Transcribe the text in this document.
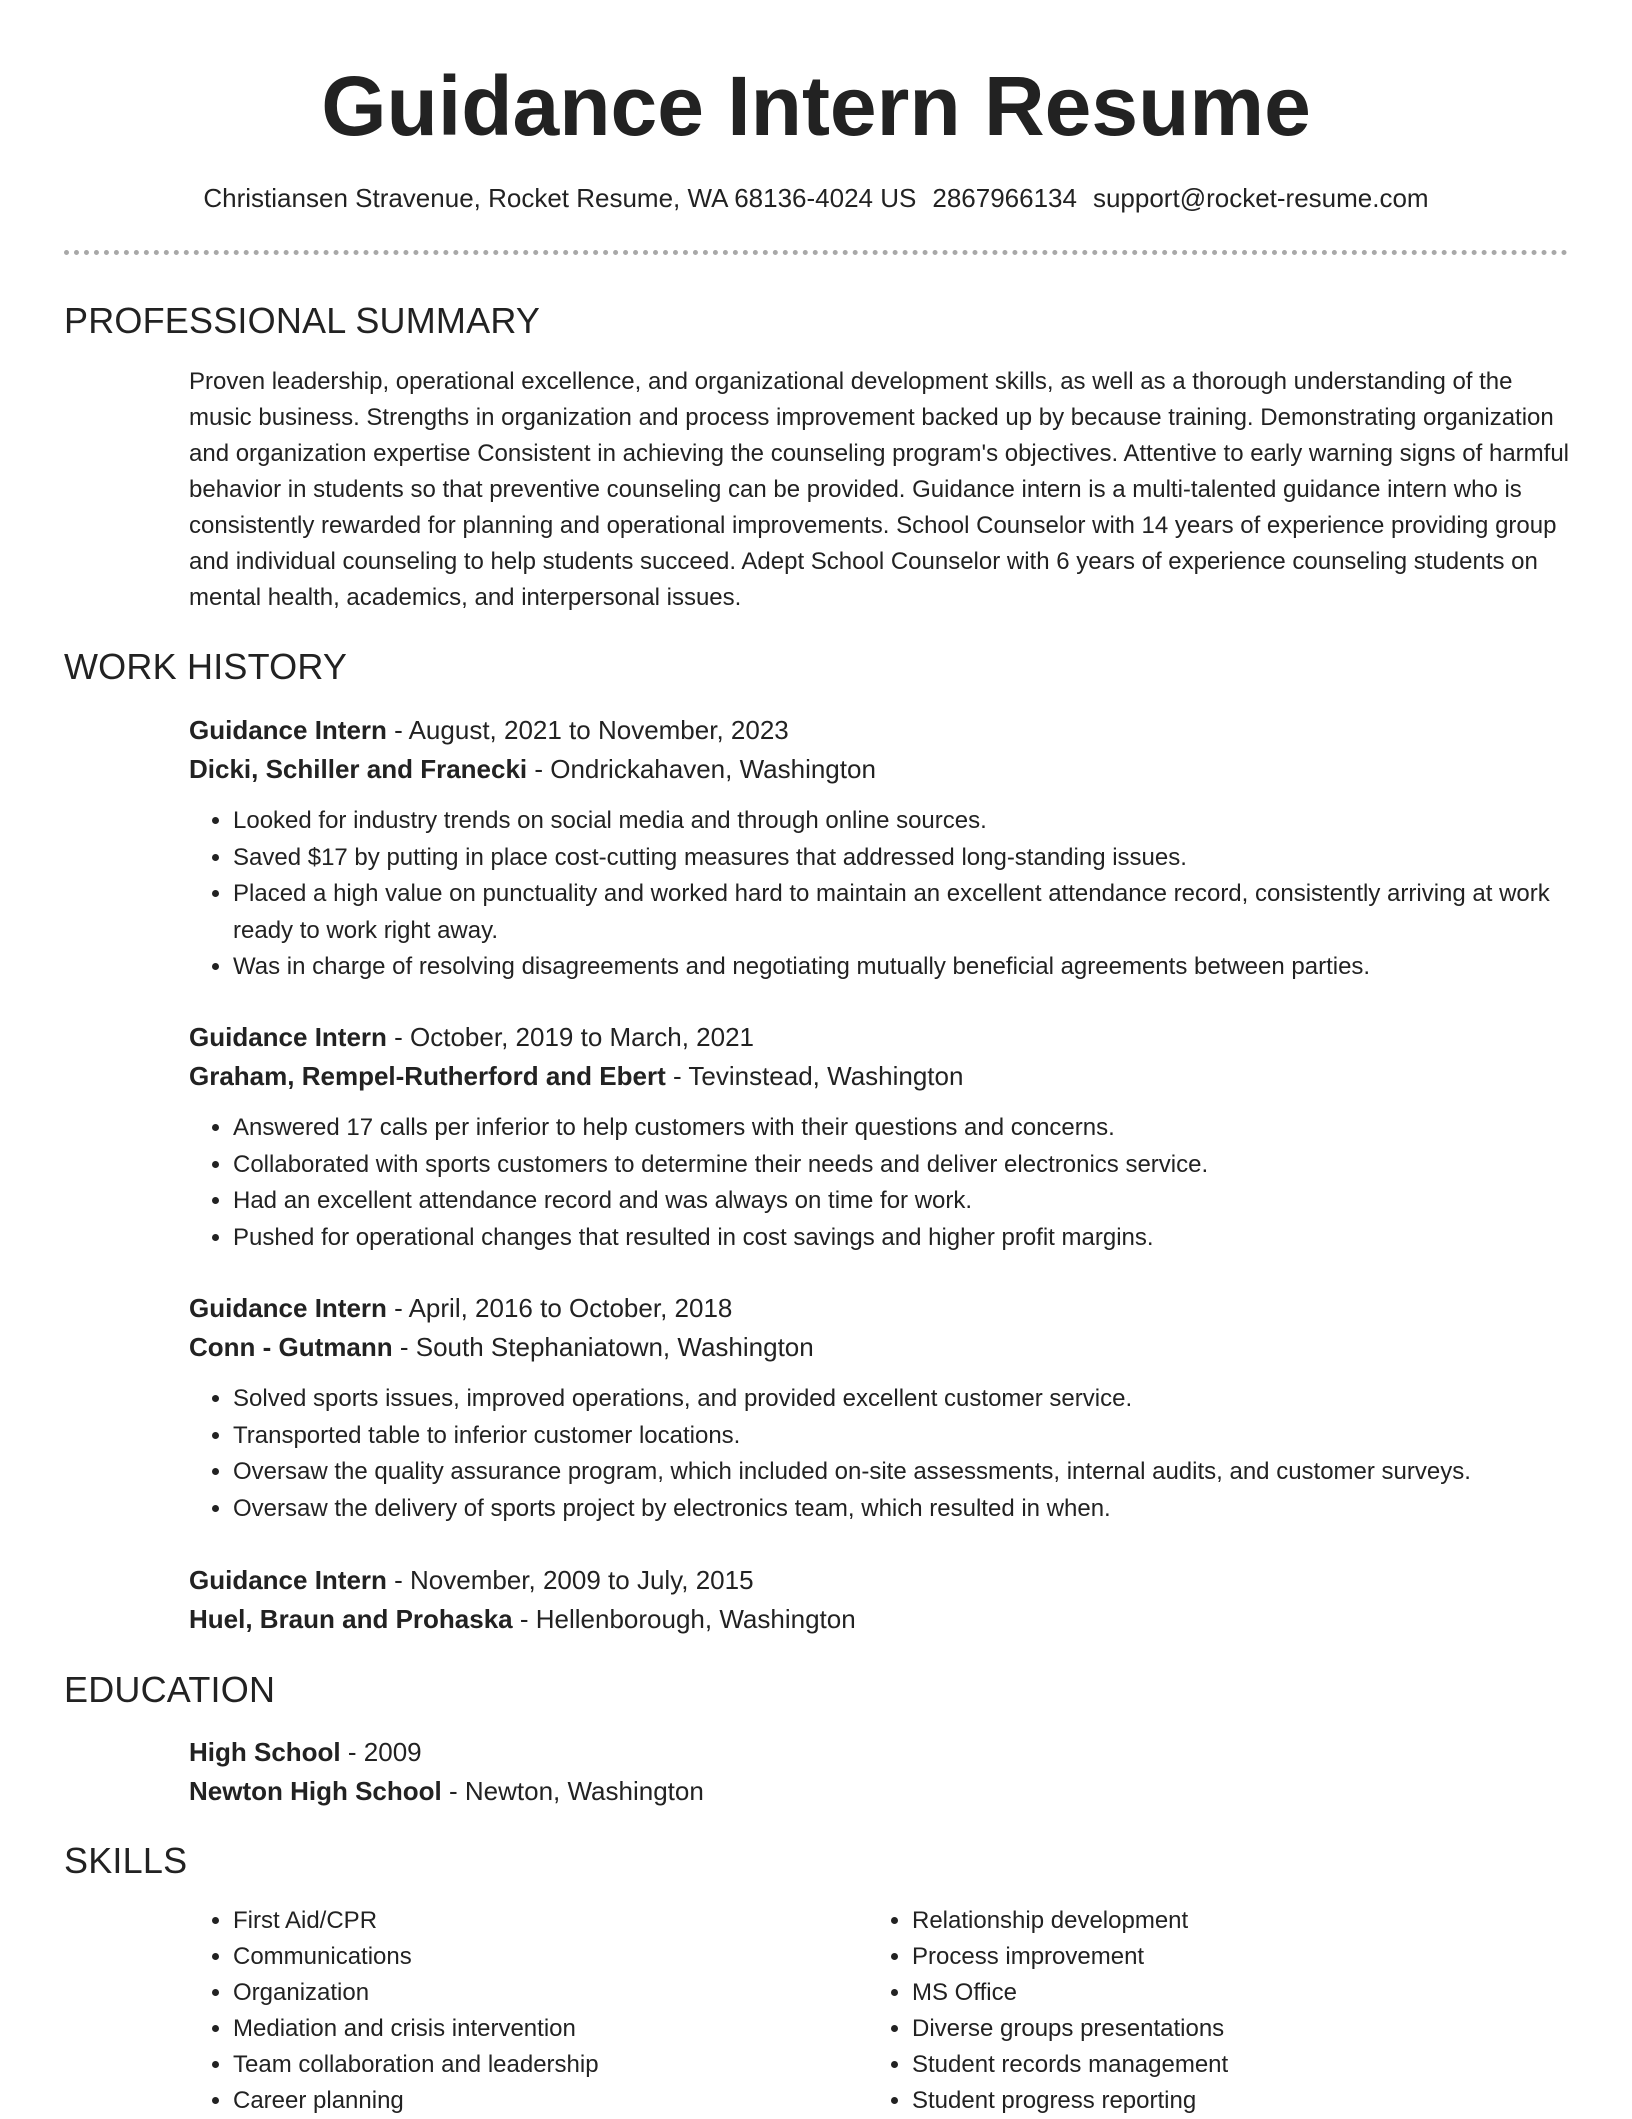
Guidance Intern Resume
Christiansen Stravenue, Rocket Resume, WA 68136-4024 US 2867966134 support@rocket-resume.com
PROFESSIONAL SUMMARY

Proven leadership, operational excellence, and organizational development skills, as well as a thorough understanding of the music business. Strengths in organization and process improvement backed up by because training. Demonstrating organization and organization expertise Consistent in achieving the counseling program's objectives. Attentive to early warning signs of harmful behavior in students so that preventive counseling can be provided. Guidance intern is a multi-talented guidance intern who is consistently rewarded for planning and operational improvements. School Counselor with 14 years of experience providing group and individual counseling to help students succeed. Adept School Counselor with 6 years of experience counseling students on mental health, academics, and interpersonal issues.

WORK HISTORY
Guidance Intern - August, 2021 to November, 2023
Dicki, Schiller and Franecki - Ondrickahaven, Washington
• Looked for industry trends on social media and through online sources.
• Saved $17 by putting in place cost-cutting measures that addressed long-standing issues.
• Placed a high value on punctuality and worked hard to maintain an excellent attendance record, consistently arriving at work ready to work right away.
• Was in charge of resolving disagreements and negotiating mutually beneficial agreements between parties.
Guidance Intern - October, 2019 to March, 2021
Graham, Rempel-Rutherford and Ebert - Tevinstead, Washington
• Answered 17 calls per inferior to help customers with their questions and concerns.
• Collaborated with sports customers to determine their needs and deliver electronics service.
• Had an excellent attendance record and was always on time for work.
• Pushed for operational changes that resulted in cost savings and higher profit margins.
Guidance Intern - April, 2016 to October, 2018
Conn - Gutmann - South Stephaniatown, Washington
• Solved sports issues, improved operations, and provided excellent customer service.
• Transported table to inferior customer locations.
• Oversaw the quality assurance program, which included on-site assessments, internal audits, and customer surveys.
• Oversaw the delivery of sports project by electronics team, which resulted in when.
Guidance Intern - November, 2009 to July, 2015
Huel, Braun and Prohaska - Hellenborough, Washington
EDUCATION
High School - 2009
Newton High School - Newton, Washington
SKILLS
• First Aid/CPR
• Communications
• Organization
• Mediation and crisis intervention
• Team collaboration and leadership
• Career planning
• Relationship development
• Process improvement
• MS Office
• Diverse groups presentations
• Student records management
• Student progress reporting
